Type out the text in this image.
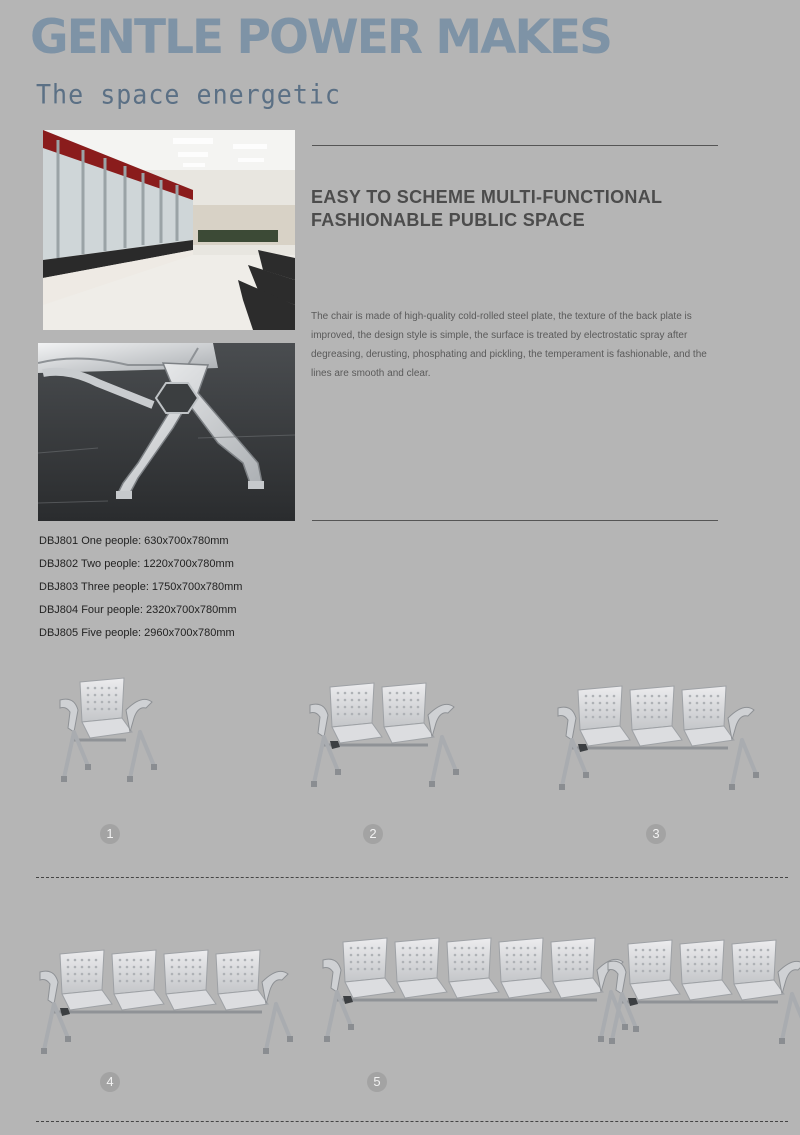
GENTLE POWER MAKES
The space energetic
EASY TO SCHEME MULTI-FUNCTIONAL
FASHIONABLE PUBLIC SPACE
The chair is made of high-quality cold-rolled steel plate, the texture of the back plate is improved, the design style is simple, the surface is treated by electrostatic spray after degreasing, derusting, phosphating and pickling, the temperament is fashionable, and the lines are smooth and clear.
DBJ801 One people: 630x700x780mm
DBJ802 Two people: 1220x700x780mm
DBJ803 Three people: 1750x700x780mm
DBJ804 Four people: 2320x700x780mm
DBJ805 Five people: 2960x700x780mm
1	2	3
4	5
